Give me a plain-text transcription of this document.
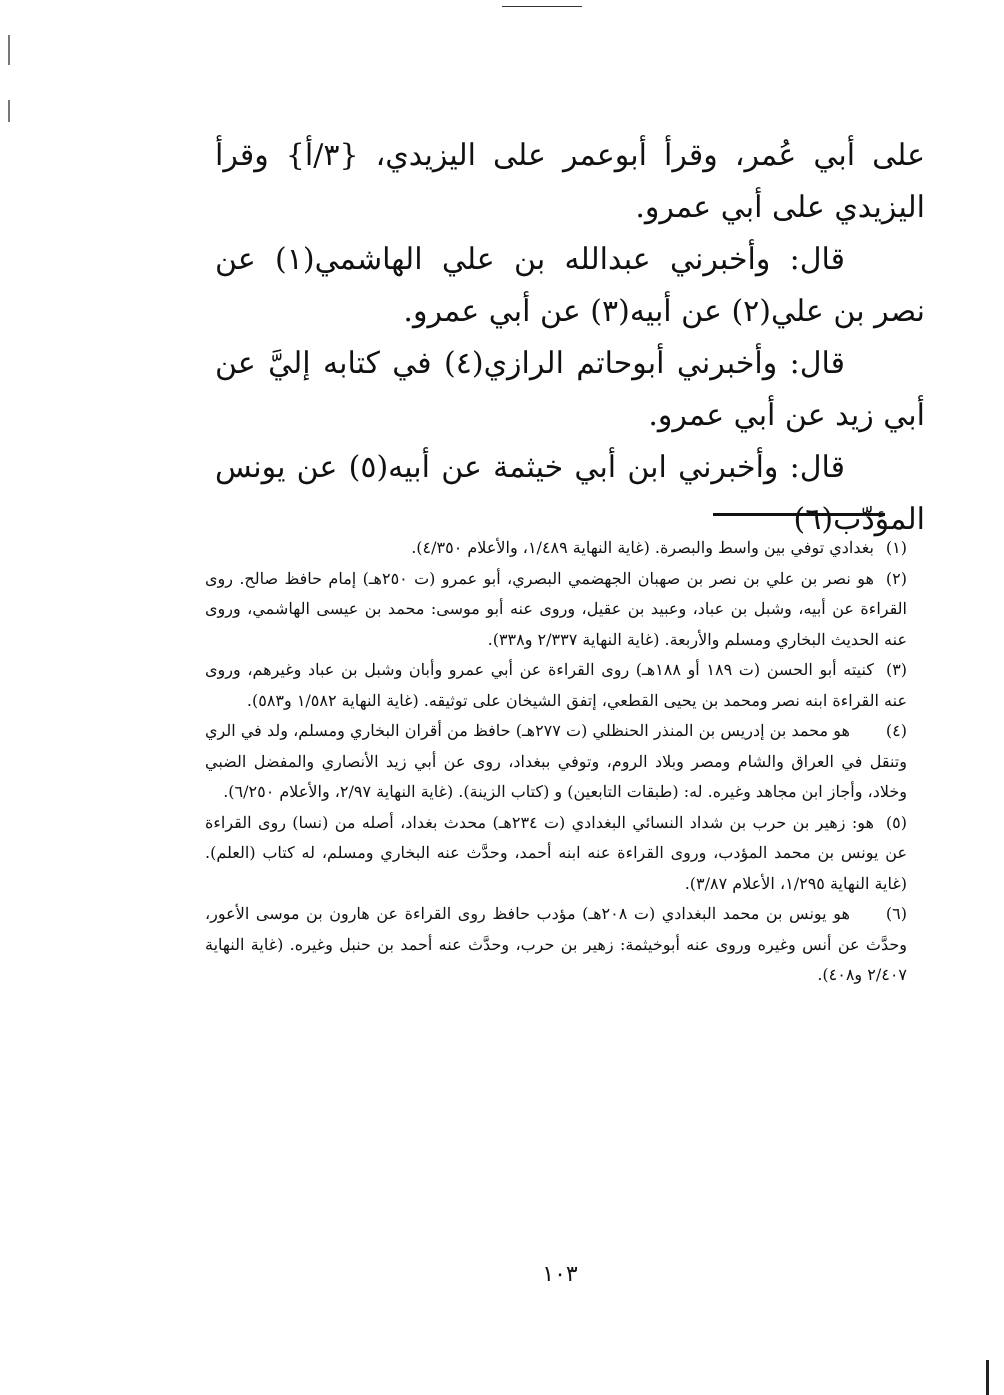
على أبي عُمر، وقرأ أبوعمر على اليزيدي، {٣/أ} وقرأ اليزيدي على أبي عمرو.

قال: وأخبرني عبدالله بن علي الهاشمي(١) عن نصر بن علي(٢) عن أبيه(٣) عن أبي عمرو.

قال: وأخبرني أبوحاتم الرازي(٤) في كتابه إليَّ عن أبي زيد عن أبي عمرو.

قال: وأخبرني ابن أبي خيثمة عن أبيه(٥) عن يونس المؤدّب(٦)

(١)بغدادي توفي بين واسط والبصرة. (غاية النهاية ١/٤٨٩، والأعلام ٤/٣٥٠).

(٢)هو نصر بن علي بن نصر بن صهبان الجهضمي البصري، أبو عمرو (ت ٢٥٠هـ) إمام حافظ صالح. روى القراءة عن أبيه، وشبل بن عباد، وعبيد بن عقيل، وروى عنه أبو موسى: محمد بن عيسى الهاشمي، وروى عنه الحديث البخاري ومسلم والأربعة. (غاية النهاية ٢/٣٣٧ و٣٣٨).

(٣)كنيته أبو الحسن (ت ١٨٩ أو ١٨٨هـ) روى القراءة عن أبي عمرو وأبان وشبل بن عباد وغيرهم، وروى عنه القراءة ابنه نصر ومحمد بن يحيى القطعي، إتفق الشيخان على توثيقه. (غاية النهاية ١/٥٨٢ و٥٨٣).

(٤)هو محمد بن إدريس بن المنذر الحنظلي (ت ٢٧٧هـ) حافظ من أقران البخاري ومسلم، ولد في الري وتنقل في العراق والشام ومصر وبلاد الروم، وتوفي ببغداد، روى عن أبي زيد الأنصاري والمفضل الضبي وخلاد، وأجاز ابن مجاهد وغيره. له: (طبقات التابعين) و (كتاب الزينة). (غاية النهاية ٢/٩٧، والأعلام ٦/٢٥٠).

(٥)هو: زهير بن حرب بن شداد النسائي البغدادي (ت ٢٣٤هـ) محدث بغداد، أصله من (نسا) روى القراءة عن يونس بن محمد المؤدب، وروى القراءة عنه ابنه أحمد، وحدَّث عنه البخاري ومسلم، له كتاب (العلم). (غاية النهاية ١/٢٩٥، الأعلام ٣/٨٧).

(٦)هو يونس بن محمد البغدادي (ت ٢٠٨هـ) مؤدب حافظ روى القراءة عن هارون بن موسى الأعور، وحدَّث عن أنس وغيره وروى عنه أبوخيثمة: زهير بن حرب، وحدَّث عنه أحمد بن حنبل وغيره. (غاية النهاية ٢/٤٠٧ و٤٠٨).

١٠٣
